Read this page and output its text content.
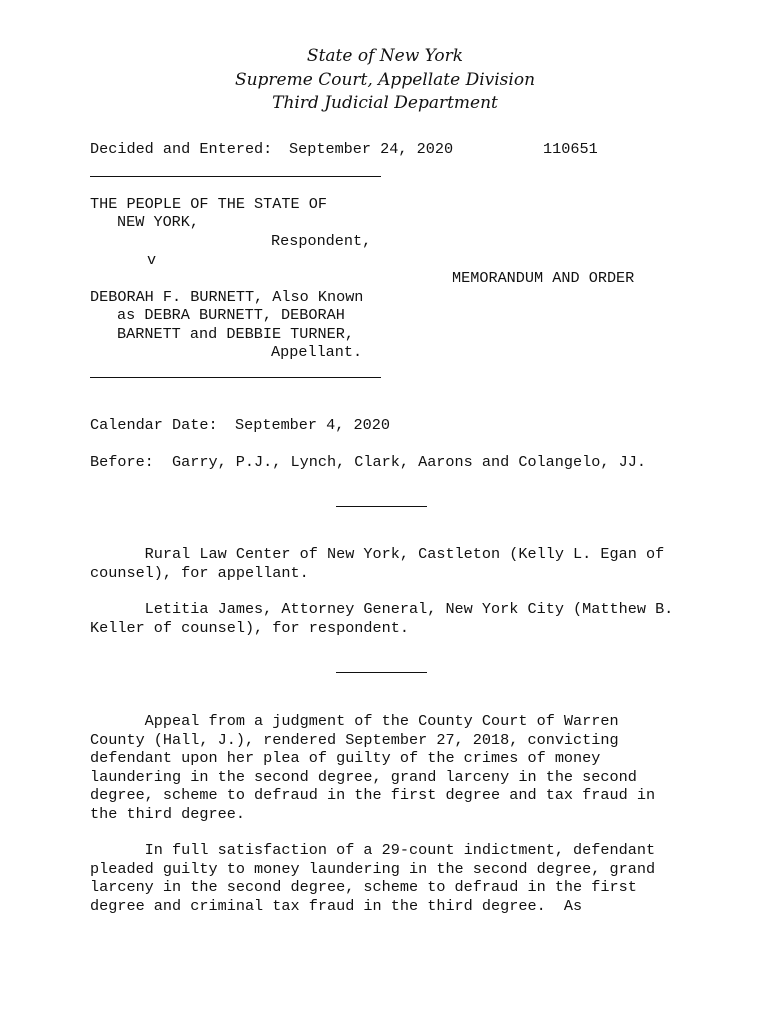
State of New York
Supreme Court, Appellate Division
Third Judicial Department
Decided and Entered: September 24, 2020	110651
THE PEOPLE OF THE STATE OF
NEW YORK,
Respondent,
v
MEMORANDUM AND ORDER
DEBORAH F. BURNETT, Also Known
as DEBRA BURNETT, DEBORAH
BARNETT and DEBBIE TURNER,
Appellant.
Calendar Date: September 4, 2020
Before: Garry, P.J., Lynch, Clark, Aarons and Colangelo, JJ.
Rural Law Center of New York, Castleton (Kelly L. Egan of
counsel), for appellant.
Letitia James, Attorney General, New York City (Matthew B.
Keller of counsel), for respondent.
Appeal from a judgment of the County Court of Warren
County (Hall, J.), rendered September 27, 2018, convicting
defendant upon her plea of guilty of the crimes of money
laundering in the second degree, grand larceny in the second
degree, scheme to defraud in the first degree and tax fraud in
the third degree.
In full satisfaction of a 29-count indictment, defendant
pleaded guilty to money laundering in the second degree, grand
larceny in the second degree, scheme to defraud in the first
degree and criminal tax fraud in the third degree.  As
